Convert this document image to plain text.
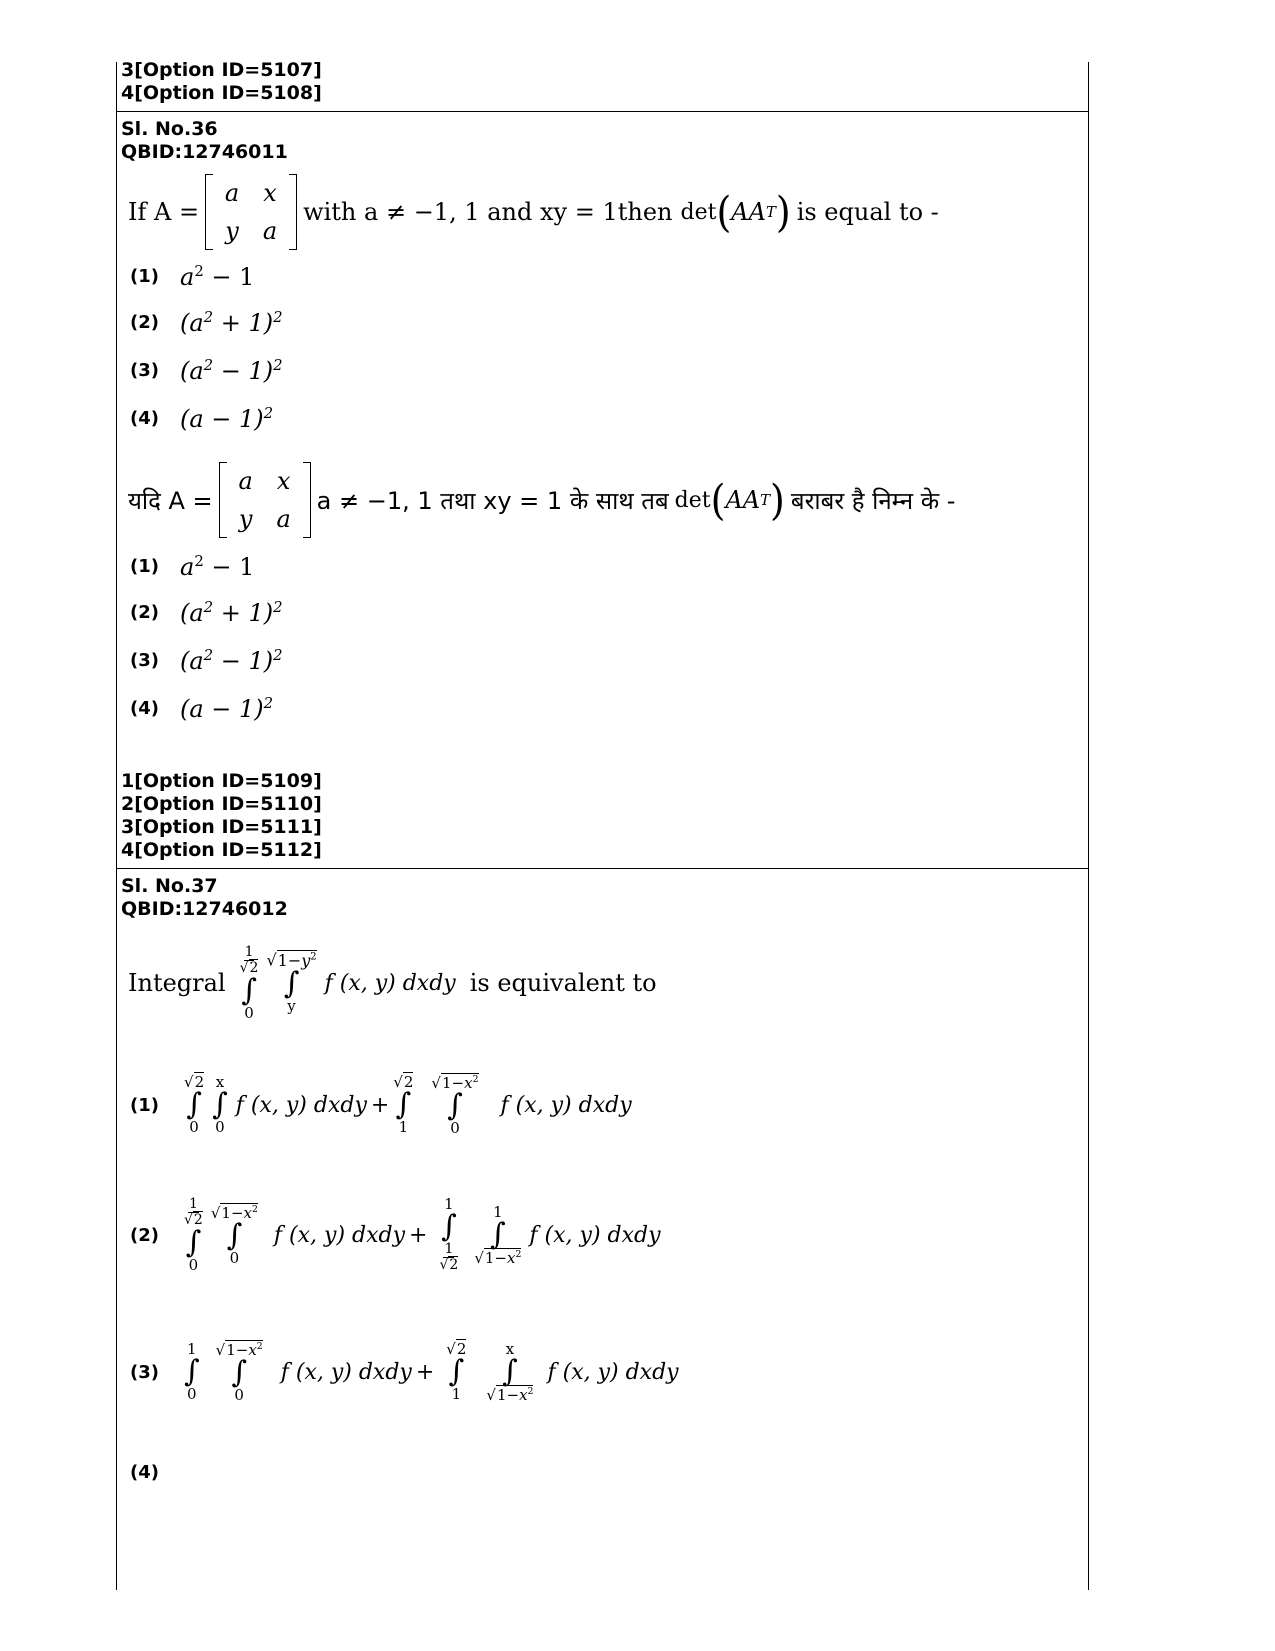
3[Option ID=5107]
4[Option ID=5108]
Sl. No.36
QBID:12746011
If A =
a	x
y	a
with a ≠ −1, 1 and xy = 1then det ( AA T ) is equal to -
(1) $a^2 - 1$
(2) $(a^2 + 1)^2$
(3) $(a^2 - 1)^2$
(4) $(a - 1)^2$
यदि A =
a	x
y	a
a ≠ −1, 1 तथा xy = 1 के साथ तब det ( AA T ) बराबर है निम्न के -
(1) $a^2 - 1$
(2) $(a^2 + 1)^2$
(3) $(a^2 - 1)^2$
(4) $(a - 1)^2$
1[Option ID=5109]
2[Option ID=5110]
3[Option ID=5111]
4[Option ID=5112]
Sl. No.37
QBID:12746012
Integral
$\frac{1}{√2}$
∫
0
$√1-y^2$
∫
y
f (x, y) dxdy is equivalent to
(1)
√2
∫
0
x
∫
0
f (x, y) dxdy +
√2
∫
1
$√1-x^2$
∫
0
f (x, y) dxdy
(2)
$\frac{1}{√2}$
∫
0
$√1-x^2$
∫
0
f (x, y) dxdy +
1
∫
$\frac{1}{√2}$
1
∫
$√1-x^2$
f (x, y) dxdy
(3)
1
∫
0
$√1-x^2$
∫
0
f (x, y) dxdy +
√2
∫
1
x
∫
$√1-x^2$
f (x, y) dxdy
(4)
